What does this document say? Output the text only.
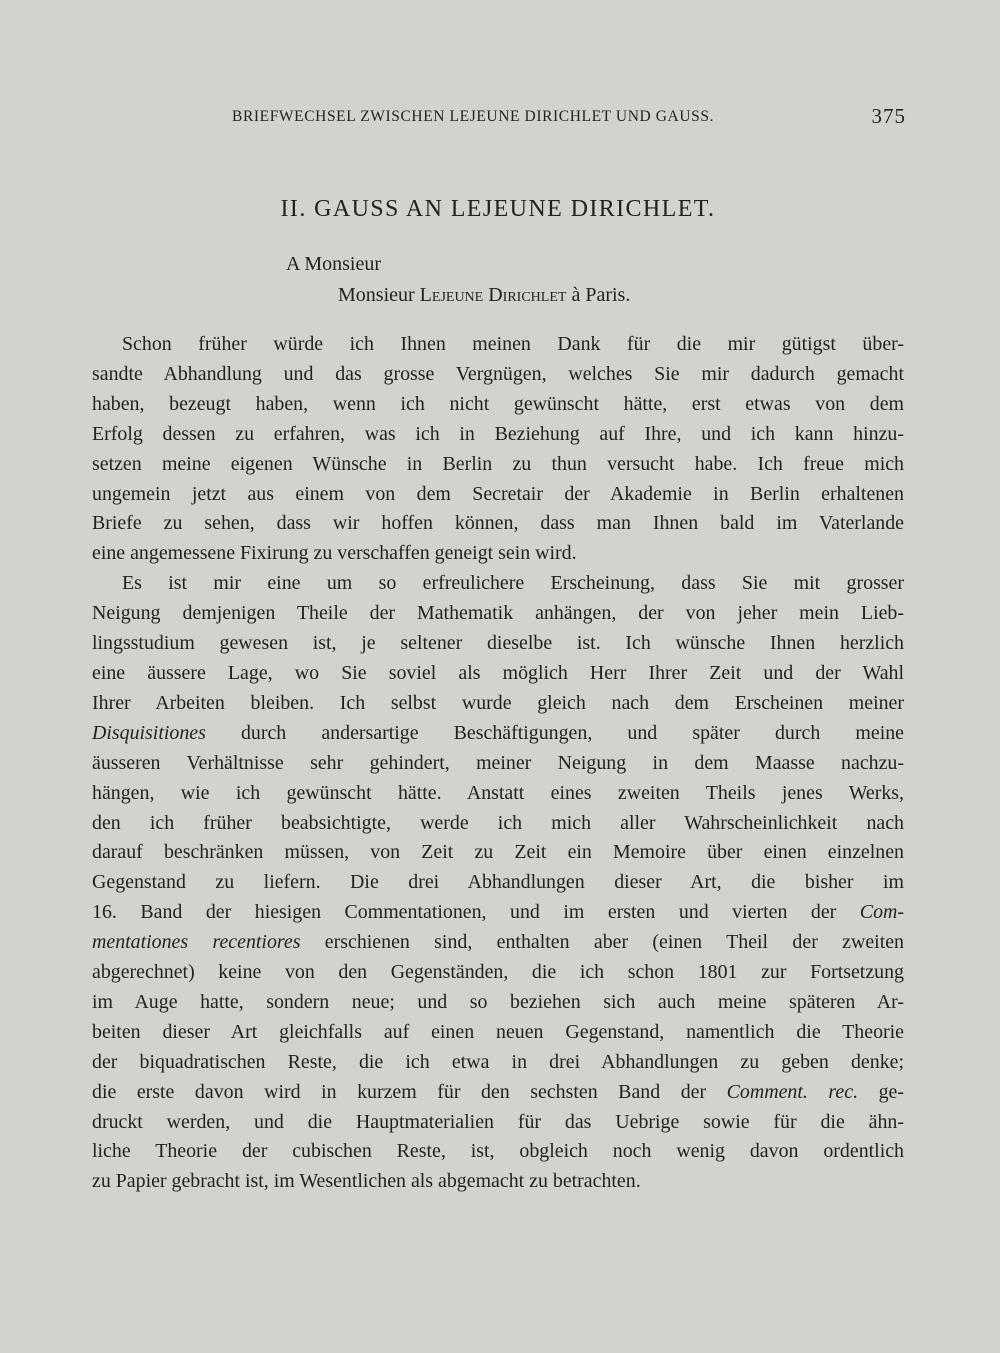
BRIEFWECHSEL ZWISCHEN LEJEUNE DIRICHLET UND GAUSS.	375
II. GAUSS AN LEJEUNE DIRICHLET.
A Monsieur
Monsieur Lejeune Dirichlet à Paris.

Schon früher würde ich Ihnen meinen Dank für die mir gütigst über-
sandte Abhandlung und das grosse Vergnügen, welches Sie mir dadurch gemacht
haben, bezeugt haben, wenn ich nicht gewünscht hätte, erst etwas von dem
Erfolg dessen zu erfahren, was ich in Beziehung auf Ihre, und ich kann hinzu-
setzen meine eigenen Wünsche in Berlin zu thun versucht habe. Ich freue mich
ungemein jetzt aus einem von dem Secretair der Akademie in Berlin erhaltenen
Briefe zu sehen, dass wir hoffen können, dass man Ihnen bald im Vaterlande
eine angemessene Fixirung zu verschaffen geneigt sein wird.

Es ist mir eine um so erfreulichere Erscheinung, dass Sie mit grosser
Neigung demjenigen Theile der Mathematik anhängen, der von jeher mein Lieb-
lingsstudium gewesen ist, je seltener dieselbe ist. Ich wünsche Ihnen herzlich
eine äussere Lage, wo Sie soviel als möglich Herr Ihrer Zeit und der Wahl
Ihrer Arbeiten bleiben. Ich selbst wurde gleich nach dem Erscheinen meiner
Disquisitiones durch andersartige Beschäftigungen, und später durch meine
äusseren Verhältnisse sehr gehindert, meiner Neigung in dem Maasse nachzu-
hängen, wie ich gewünscht hätte. Anstatt eines zweiten Theils jenes Werks,
den ich früher beabsichtigte, werde ich mich aller Wahrscheinlichkeit nach
darauf beschränken müssen, von Zeit zu Zeit ein Memoire über einen einzelnen
Gegenstand zu liefern. Die drei Abhandlungen dieser Art, die bisher im
16. Band der hiesigen Commentationen, und im ersten und vierten der Com-
mentationes recentiores erschienen sind, enthalten aber (einen Theil der zweiten
abgerechnet) keine von den Gegenständen, die ich schon 1801 zur Fortsetzung
im Auge hatte, sondern neue; und so beziehen sich auch meine späteren Ar-
beiten dieser Art gleichfalls auf einen neuen Gegenstand, namentlich die Theorie
der biquadratischen Reste, die ich etwa in drei Abhandlungen zu geben denke;
die erste davon wird in kurzem für den sechsten Band der Comment. rec. ge-
druckt werden, und die Hauptmaterialien für das Uebrige sowie für die ähn-
liche Theorie der cubischen Reste, ist, obgleich noch wenig davon ordentlich
zu Papier gebracht ist, im Wesentlichen als abgemacht zu betrachten.
